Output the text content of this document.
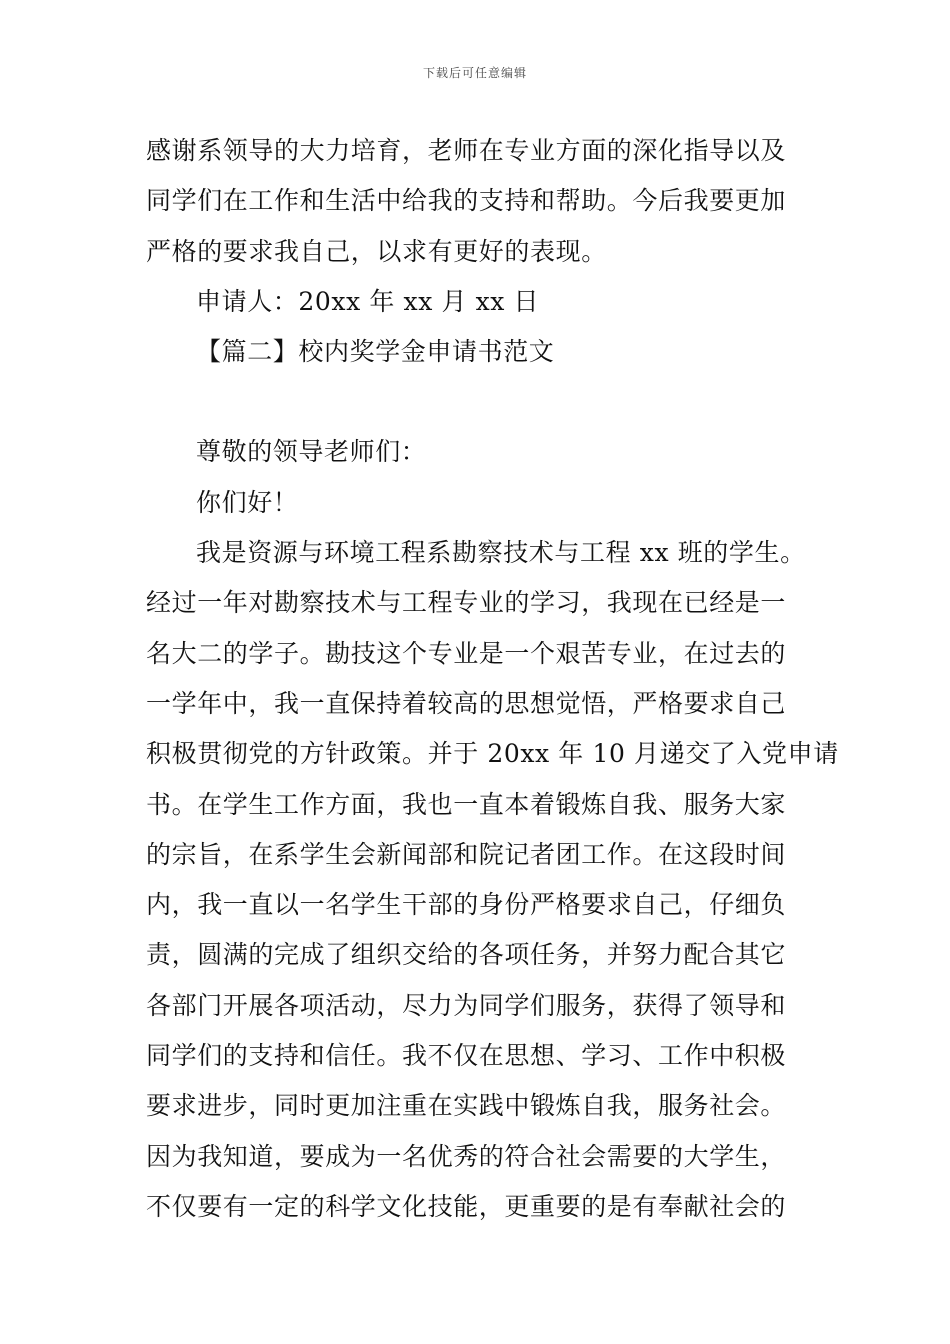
下载后可任意编辑
感谢系领导的大力培育，老师在专业方面的深化指导以及
同学们在工作和生活中给我的支持和帮助。今后我要更加
严格的要求我自己，以求有更好的表现。
申请人：20xx 年 xx 月 xx 日
【篇二】校内奖学金申请书范文
尊敬的领导老师们：
你们好！
我是资源与环境工程系勘察技术与工程 xx 班的学生。
经过一年对勘察技术与工程专业的学习，我现在已经是一
名大二的学子。勘技这个专业是一个艰苦专业，在过去的
一学年中，我一直保持着较高的思想觉悟，严格要求自己
积极贯彻党的方针政策。并于 20xx 年 10 月递交了入党申请
书。在学生工作方面，我也一直本着锻炼自我、服务大家
的宗旨，在系学生会新闻部和院记者团工作。在这段时间
内，我一直以一名学生干部的身份严格要求自己，仔细负
责，圆满的完成了组织交给的各项任务，并努力配合其它
各部门开展各项活动，尽力为同学们服务，获得了领导和
同学们的支持和信任。我不仅在思想、学习、工作中积极
要求进步，同时更加注重在实践中锻炼自我，服务社会。
因为我知道，要成为一名优秀的符合社会需要的大学生，
不仅要有一定的科学文化技能，更重要的是有奉献社会的
